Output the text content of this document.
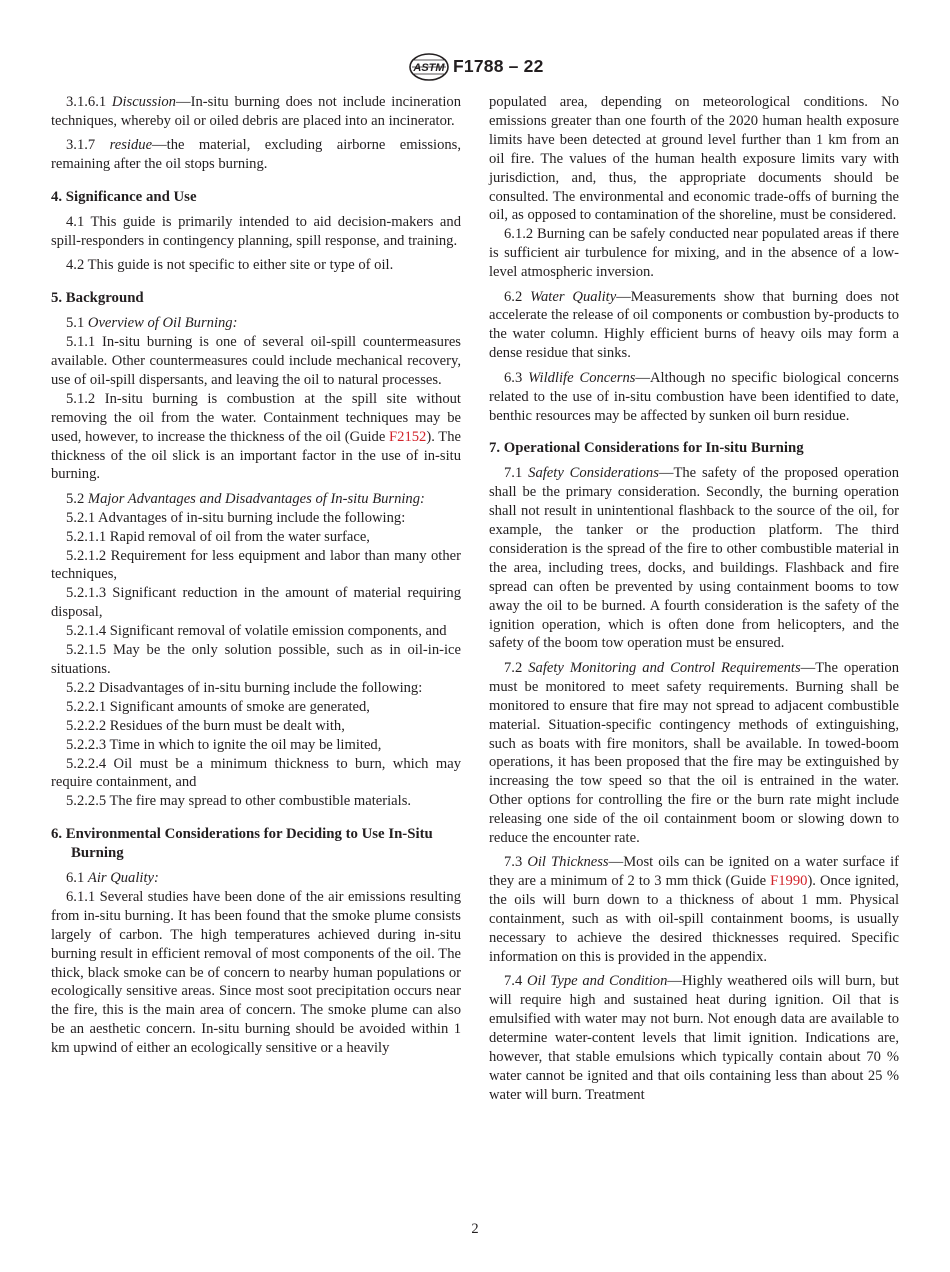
ASTM F1788 – 22

3.1.6.1 Discussion—In-situ burning does not include incineration techniques, whereby oil or oiled debris are placed into an incinerator.

3.1.7 residue—the material, excluding airborne emissions, remaining after the oil stops burning.

4. Significance and Use

4.1 This guide is primarily intended to aid decision-makers and spill-responders in contingency planning, spill response, and training.

4.2 This guide is not specific to either site or type of oil.

5. Background

5.1 Overview of Oil Burning:

5.1.1 In-situ burning is one of several oil-spill countermeasures available. Other countermeasures could include mechanical recovery, use of oil-spill dispersants, and leaving the oil to natural processes.

5.1.2 In-situ burning is combustion at the spill site without removing the oil from the water. Containment techniques may be used, however, to increase the thickness of the oil (Guide F2152). The thickness of the oil slick is an important factor in the use of in-situ burning.

5.2 Major Advantages and Disadvantages of In-situ Burning:

5.2.1 Advantages of in-situ burning include the following:

5.2.1.1 Rapid removal of oil from the water surface,

5.2.1.2 Requirement for less equipment and labor than many other techniques,

5.2.1.3 Significant reduction in the amount of material requiring disposal,

5.2.1.4 Significant removal of volatile emission components, and

5.2.1.5 May be the only solution possible, such as in oil-in-ice situations.

5.2.2 Disadvantages of in-situ burning include the following:

5.2.2.1 Significant amounts of smoke are generated,

5.2.2.2 Residues of the burn must be dealt with,

5.2.2.3 Time in which to ignite the oil may be limited,

5.2.2.4 Oil must be a minimum thickness to burn, which may require containment, and

5.2.2.5 The fire may spread to other combustible materials.

6. Environmental Considerations for Deciding to Use In-Situ Burning

6.1 Air Quality:

6.1.1 Several studies have been done of the air emissions resulting from in-situ burning. It has been found that the smoke plume consists largely of carbon. The high temperatures achieved during in-situ burning result in efficient removal of most components of the oil. The thick, black smoke can be of concern to nearby human populations or ecologically sensitive areas. Since most soot precipitation occurs near the fire, this is the main area of concern. The smoke plume can also be an aesthetic concern. In-situ burning should be avoided within 1 km upwind of either an ecologically sensitive or a heavily

populated area, depending on meteorological conditions. No emissions greater than one fourth of the 2020 human health exposure limits have been detected at ground level further than 1 km from an oil fire. The values of the human health exposure limits vary with jurisdiction, and, thus, the appropriate documents should be consulted. The environmental and economic trade-offs of burning the oil, as opposed to contamination of the shoreline, must be considered.

6.1.2 Burning can be safely conducted near populated areas if there is sufficient air turbulence for mixing, and in the absence of a low-level atmospheric inversion.

6.2 Water Quality—Measurements show that burning does not accelerate the release of oil components or combustion by-products to the water column. Highly efficient burns of heavy oils may form a dense residue that sinks.

6.3 Wildlife Concerns—Although no specific biological concerns related to the use of in-situ combustion have been identified to date, benthic resources may be affected by sunken oil burn residue.

7. Operational Considerations for In-situ Burning

7.1 Safety Considerations—The safety of the proposed operation shall be the primary consideration. Secondly, the burning operation shall not result in unintentional flashback to the source of the oil, for example, the tanker or the production platform. The third consideration is the spread of the fire to other combustible material in the area, including trees, docks, and buildings. Flashback and fire spread can often be prevented by using containment booms to tow away the oil to be burned. A fourth consideration is the safety of the ignition operation, which is often done from helicopters, and the safety of the boom tow operation must be ensured.

7.2 Safety Monitoring and Control Requirements—The operation must be monitored to meet safety requirements. Burning shall be monitored to ensure that fire may not spread to adjacent combustible material. Situation-specific contingency methods of extinguishing, such as boats with fire monitors, shall be available. In towed-boom operations, it has been proposed that the fire may be extinguished by increasing the tow speed so that the oil is entrained in the water. Other options for controlling the fire or the burn rate might include releasing one side of the oil containment boom or slowing down to reduce the encounter rate.

7.3 Oil Thickness—Most oils can be ignited on a water surface if they are a minimum of 2 to 3 mm thick (Guide F1990). Once ignited, the oils will burn down to a thickness of about 1 mm. Physical containment, such as with oil-spill containment booms, is usually necessary to achieve the desired thicknesses required. Specific information on this is provided in the appendix.

7.4 Oil Type and Condition—Highly weathered oils will burn, but will require high and sustained heat during ignition. Oil that is emulsified with water may not burn. Not enough data are available to determine water-content levels that limit ignition. Indications are, however, that stable emulsions which typically contain about 70 % water cannot be ignited and that oils containing less than about 25 % water will burn. Treatment

2
